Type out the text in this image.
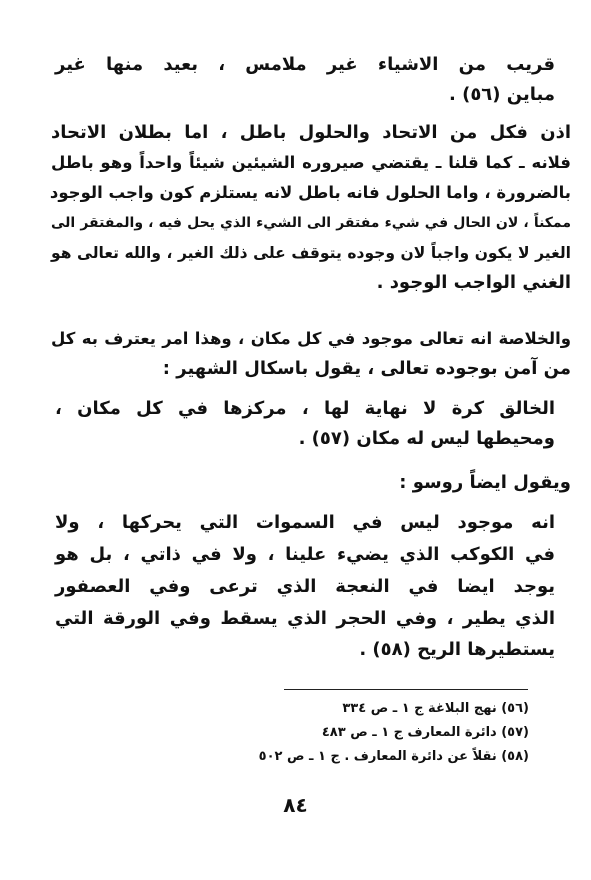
قريب من الاشياء غير ملامس ، بعيد منها غير
مباين (٥٦) .
اذن فكل من الاتحاد والحلول باطل ، اما بطلان الاتحاد
فلانه ـ كما قلنا ـ يقتضي صيروره الشيئين شيئاً واحداً وهو باطل
بالضرورة ، واما الحلول فانه باطل لانه يستلزم كون واجب الوجود
ممكناً ، لان الحال في شيء مفتقر الى الشيء الذي يحل فيه ، والمفتقر الى
الغير لا يكون واجباً لان وجوده يتوقف على ذلك الغير ، والله تعالى هو
الغني الواجب الوجود .
والخلاصة انه تعالى موجود في كل مكان ، وهذا امر يعترف به كل
من آمن بوجوده تعالى ، يقول باسكال الشهير :
الخالق كرة لا نهاية لها ، مركزها في كل مكان ،
ومحيطها ليس له مكان (٥٧) .
ويقول ايضاً روسو :
انه موجود ليس في السموات التي يحركها ، ولا
في الكوكب الذي يضيء علينا ، ولا في ذاتي ، بل هو
يوجد ايضا في النعجة الذي ترعى وفي العصفور
الذي يطير ، وفي الحجر الذي يسقط وفي الورقة التي
يستطيرها الريح (٥٨) .
(٥٦) نهج البلاغة ج ١ ـ ص ٣٣٤
(٥٧) دائرة المعارف ج ١ ـ ص ٤٨٣
(٥٨) نقلاً عن دائرة المعارف . ج ١ ـ ص ٥٠٢
٨٤
